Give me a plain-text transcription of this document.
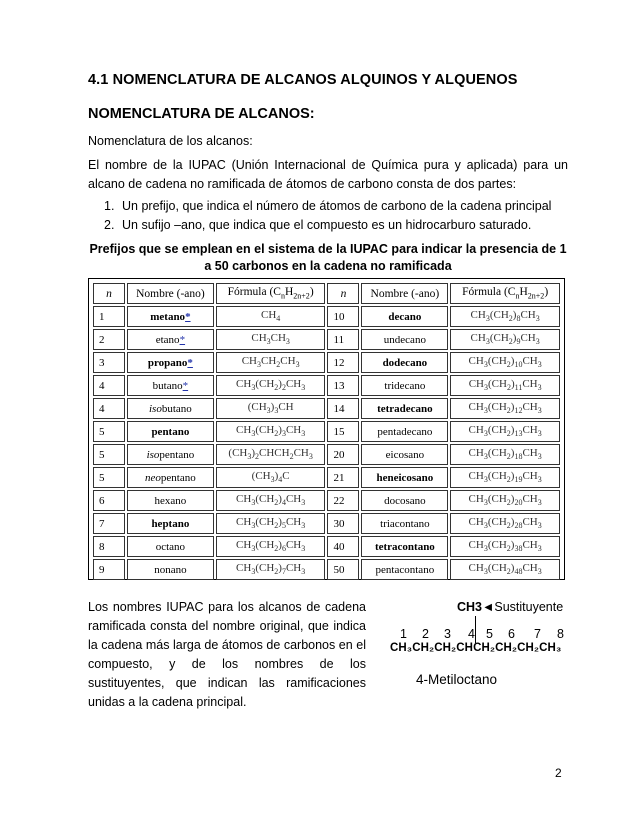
4.1 NOMENCLATURA DE ALCANOS ALQUINOS Y ALQUENOS
NOMENCLATURA DE ALCANOS:
Nomenclatura de los alcanos:
El nombre de la IUPAC (Unión Internacional de Química pura y aplicada) para un alcano de cadena no ramificada de átomos de carbono consta de dos partes:
1. Un prefijo, que indica el número de átomos de carbono de la cadena principal
2. Un sufijo –ano, que indica que el compuesto es un hidrocarburo saturado.
Prefijos que se emplean en el sistema de la IUPAC para indicar la presencia de 1 a 50 carbonos en la cadena no ramificada
n	Nombre (-ano)	Fórmula $(C_nH_{2n+2})$	n	Nombre (-ano)	Fórmula $(C_nH_{2n+2})$
1	metano*	$CH_4$	10	decano	$CH_3(CH_2)_8CH_3$
2	etano*	$CH_3CH_3$	11	undecano	$CH_3(CH_2)_9CH_3$
3	propano*	$CH_3CH_2CH_3$	12	dodecano	$CH_3(CH_2)_{10}CH_3$
4	butano*	$CH_3(CH_2)_2CH_3$	13	tridecano	$CH_3(CH_2)_{11}CH_3$
4	isobutano	$(CH_3)_3CH$	14	tetradecano	$CH_3(CH_2)_{12}CH_3$
5	pentano	$CH_3(CH_2)_3CH_3$	15	pentadecano	$CH_3(CH_2)_{13}CH_3$
5	isopentano	$(CH_3)_2CHCH_2CH_3$	20	eicosano	$CH_3(CH_2)_{18}CH_3$
5	neopentano	$(CH_3)_4C$	21	heneicosano	$CH_3(CH_2)_{19}CH_3$
6	hexano	$CH_3(CH_2)_4CH_3$	22	docosano	$CH_3(CH_2)_{20}CH_3$
7	heptano	$CH_3(CH_2)_5CH_3$	30	triacontano	$CH_3(CH_2)_{28}CH_3$
8	octano	$CH_3(CH_2)_6CH_3$	40	tetracontano	$CH_3(CH_2)_{38}CH_3$
9	nonano	$CH_3(CH_2)_7CH_3$	50	pentacontano	$CH_3(CH_2)_{48}CH_3$
Los nombres IUPAC para los alcanos de cadena ramificada consta del nombre original, que indica la cadena más larga de átomos de carbonos en el compuesto, y de los nombres de los sustituyentes, que indican las ramificaciones unidas a la cadena principal.
CH3◄Sustituyente
1 2 3 4 5 6 7 8
CH₃CH₂CH₂CHCH₂CH₂CH₂CH₃
4-Metiloctano
2
